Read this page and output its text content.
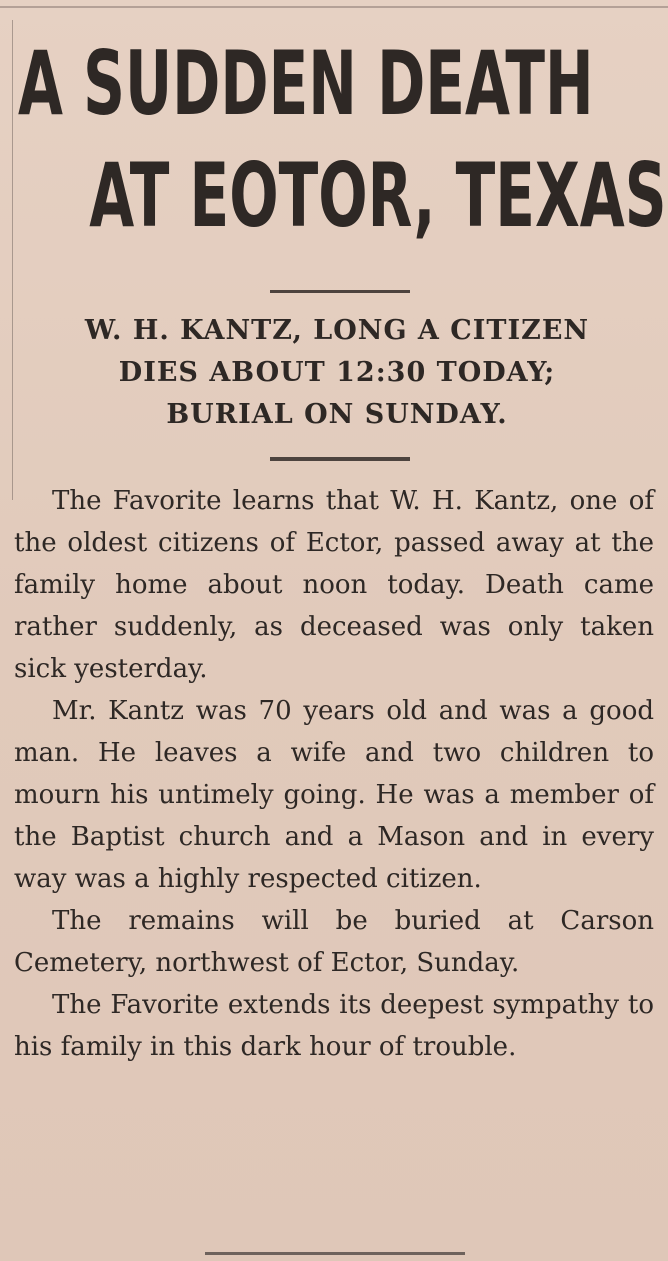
A SUDDEN DEATH
AT EOTOR, TEXAS
W. H. KANTZ, LONG A CITIZEN
DIES ABOUT 12:30 TODAY;
BURIAL ON SUNDAY.

The Favorite learns that W. H. Kantz, one of the oldest citizens of Ector, passed away at the family home about noon today. Death came rather suddenly, as deceased was only taken sick yesterday.

Mr. Kantz was 70 years old and was a good man. He leaves a wife and two children to mourn his untimely going. He was a member of the Baptist church and a Mason and in every way was a highly respected citizen.

The remains will be buried at Carson Cemetery, northwest of Ector, Sunday.

The Favorite extends its deepest sympathy to his family in this dark hour of trouble.
